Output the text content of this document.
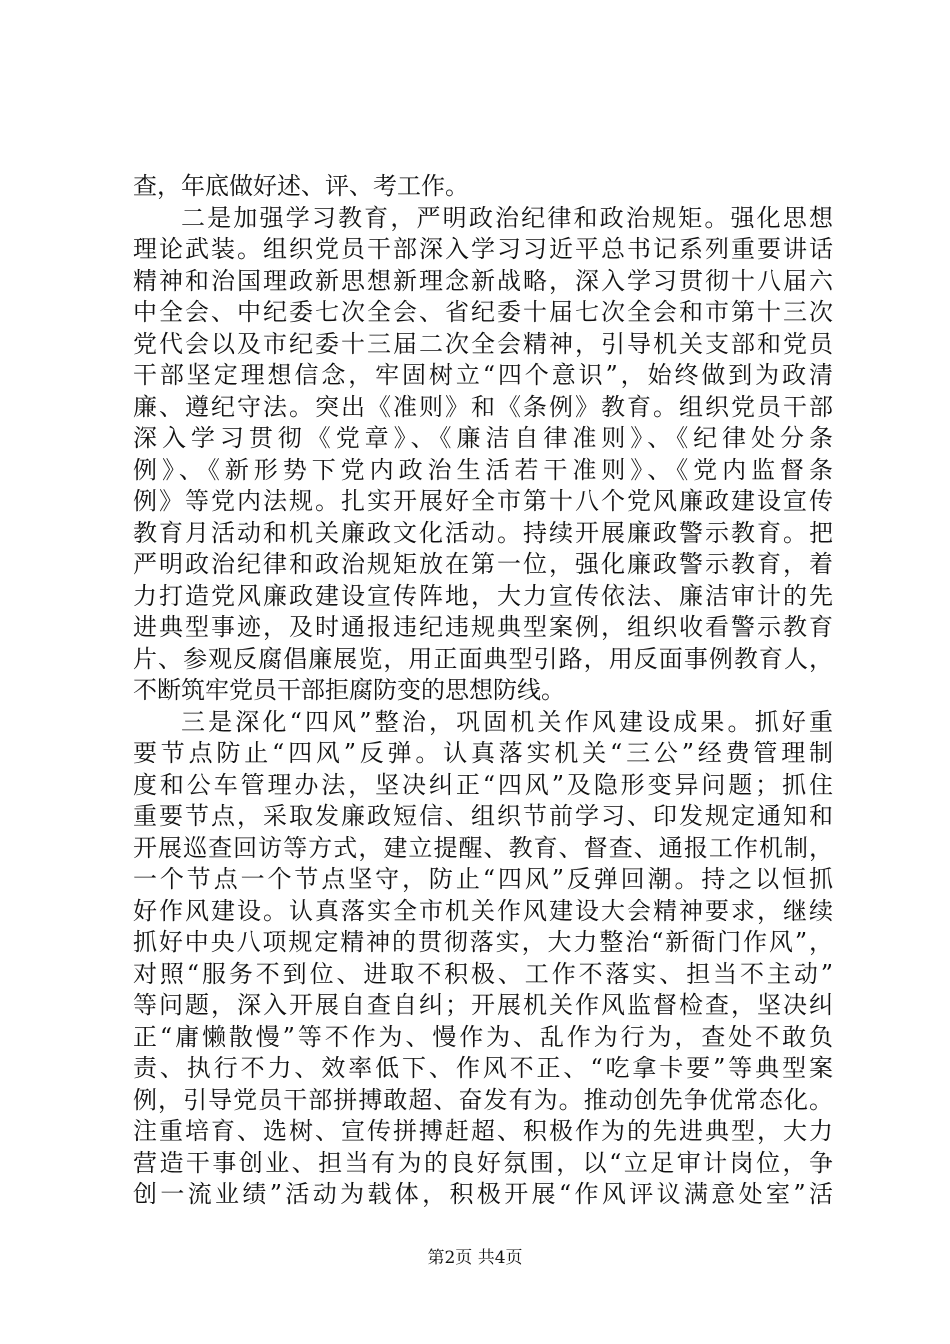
查，年底做好述、评、考工作。
二是加强学习教育，严明政治纪律和政治规矩。强化思想
理论武装。组织党员干部深入学习习近平总书记系列重要讲话
精神和治国理政新思想新理念新战略，深入学习贯彻十八届六
中全会、中纪委七次全会、省纪委十届七次全会和市第十三次
党代会以及市纪委十三届二次全会精神，引导机关支部和党员
干部坚定理想信念，牢固树立“四个意识”，始终做到为政清
廉、遵纪守法。突出《准则》和《条例》教育。组织党员干部
深入学习贯彻《党章》、《廉洁自律准则》、《纪律处分条
例》、《新形势下党内政治生活若干准则》、《党内监督条
例》等党内法规。扎实开展好全市第十八个党风廉政建设宣传
教育月活动和机关廉政文化活动。持续开展廉政警示教育。把
严明政治纪律和政治规矩放在第一位，强化廉政警示教育，着
力打造党风廉政建设宣传阵地，大力宣传依法、廉洁审计的先
进典型事迹，及时通报违纪违规典型案例，组织收看警示教育
片、参观反腐倡廉展览，用正面典型引路，用反面事例教育人，
不断筑牢党员干部拒腐防变的思想防线。
三是深化“四风”整治，巩固机关作风建设成果。抓好重
要节点防止“四风”反弹。认真落实机关“三公”经费管理制
度和公车管理办法，坚决纠正“四风”及隐形变异问题；抓住
重要节点，采取发廉政短信、组织节前学习、印发规定通知和
开展巡查回访等方式，建立提醒、教育、督查、通报工作机制，
一个节点一个节点坚守，防止“四风”反弹回潮。持之以恒抓
好作风建设。认真落实全市机关作风建设大会精神要求，继续
抓好中央八项规定精神的贯彻落实，大力整治“新衙门作风”，
对照“服务不到位、进取不积极、工作不落实、担当不主动”
等问题，深入开展自查自纠；开展机关作风监督检查，坚决纠
正“庸懒散慢”等不作为、慢作为、乱作为行为，查处不敢负
责、执行不力、效率低下、作风不正、“吃拿卡要”等典型案
例，引导党员干部拼搏敢超、奋发有为。推动创先争优常态化。
注重培育、选树、宣传拼搏赶超、积极作为的先进典型，大力
营造干事创业、担当有为的良好氛围，以“立足审计岗位，争
创一流业绩”活动为载体，积极开展“作风评议满意处室”活
第2页 共4页
